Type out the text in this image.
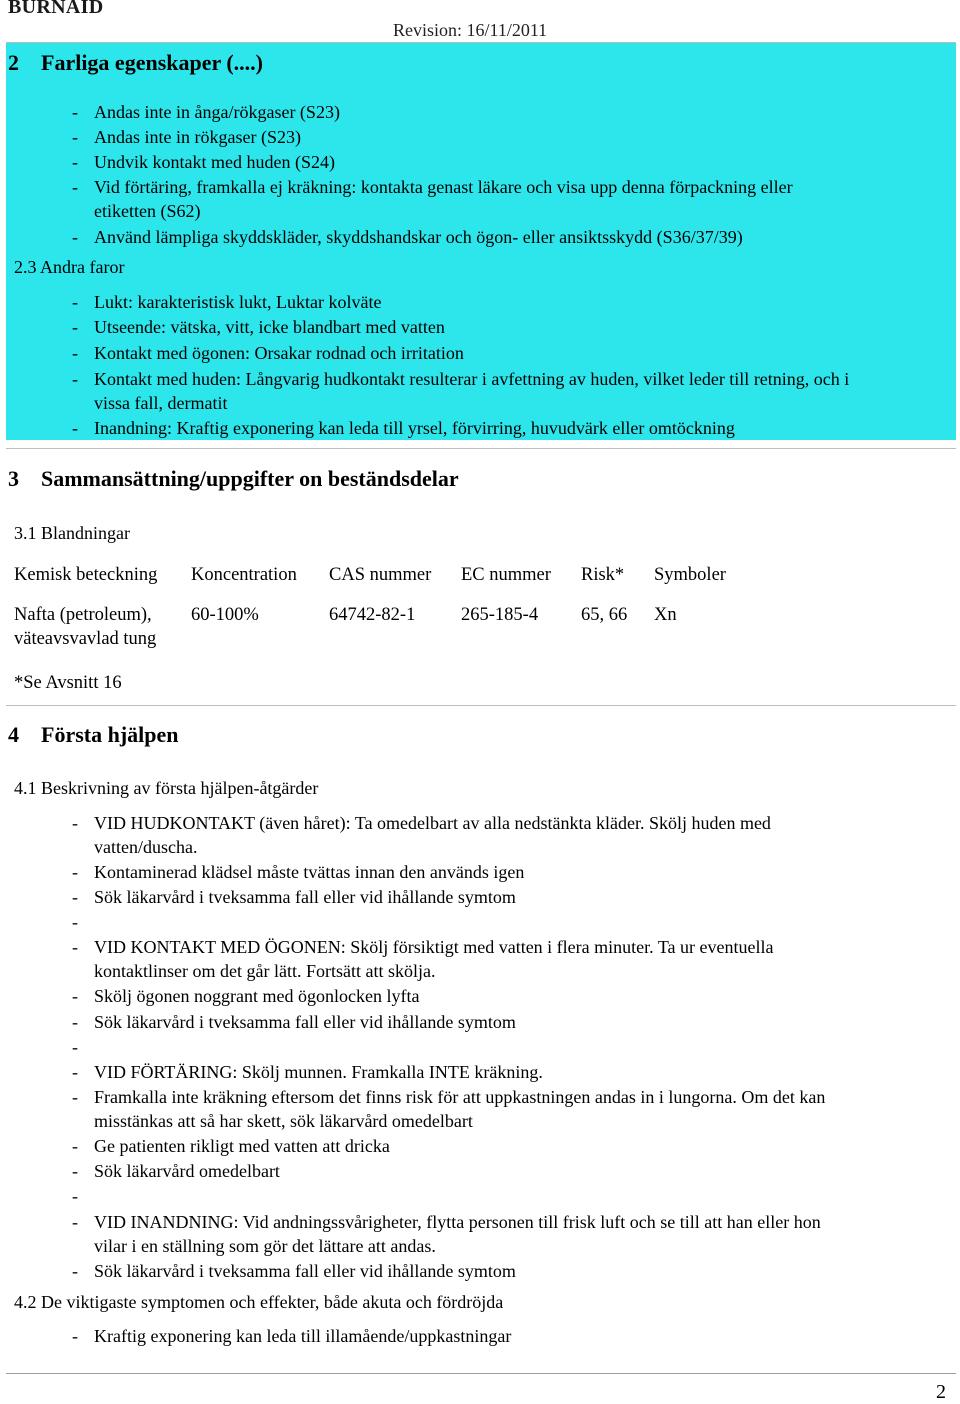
BURNAID
Revision: 16/11/2011
2 Farliga egenskaper (....)
- Andas inte in ånga/rökgaser (S23)
- Andas inte in rökgaser (S23)
- Undvik kontakt med huden (S24)
- Vid förtäring, framkalla ej kräkning: kontakta genast läkare och visa upp denna förpackning eller
etiketten (S62)
- Använd lämpliga skyddskläder, skyddshandskar och ögon- eller ansiktsskydd (S36/37/39)
2.3 Andra faror
- Lukt: karakteristisk lukt, Luktar kolväte
- Utseende: vätska, vitt, icke blandbart med vatten
- Kontakt med ögonen: Orsakar rodnad och irritation
- Kontakt med huden: Långvarig hudkontakt resulterar i avfettning av huden, vilket leder till retning, och i
vissa fall, dermatit
- Inandning: Kraftig exponering kan leda till yrsel, förvirring, huvudvärk eller omtöckning
3 Sammansättning/uppgifter on beständsdelar
3.1 Blandningar
Kemisk beteckning Koncentration CAS nummer EC nummer Risk* Symboler
Nafta (petroleum),
väteavsvavlad tung
60-100%	64742-82-1 265-185-4 65, 66 Xn
*Se Avsnitt 16
4 Första hjälpen
4.1 Beskrivning av första hjälpen-åtgärder
- VID HUDKONTAKT (även håret): Ta omedelbart av alla nedstänkta kläder. Skölj huden med
vatten/duscha.
- Kontaminerad klädsel måste tvättas innan den används igen
- Sök läkarvård i tveksamma fall eller vid ihållande symtom
-
- VID KONTAKT MED ÖGONEN: Skölj försiktigt med vatten i flera minuter. Ta ur eventuella
kontaktlinser om det går lätt. Fortsätt att skölja.
- Skölj ögonen noggrant med ögonlocken lyfta
- Sök läkarvård i tveksamma fall eller vid ihållande symtom
-
- VID FÖRTÄRING: Skölj munnen. Framkalla INTE kräkning.
- Framkalla inte kräkning eftersom det finns risk för att uppkastningen andas in i lungorna. Om det kan
misstänkas att så har skett, sök läkarvård omedelbart
- Ge patienten rikligt med vatten att dricka
- Sök läkarvård omedelbart
-
- VID INANDNING: Vid andningssvårigheter, flytta personen till frisk luft och se till att han eller hon
vilar i en ställning som gör det lättare att andas.
- Sök läkarvård i tveksamma fall eller vid ihållande symtom
4.2 De viktigaste symptomen och effekter, både akuta och fördröjda
- Kraftig exponering kan leda till illamående/uppkastningar
2
